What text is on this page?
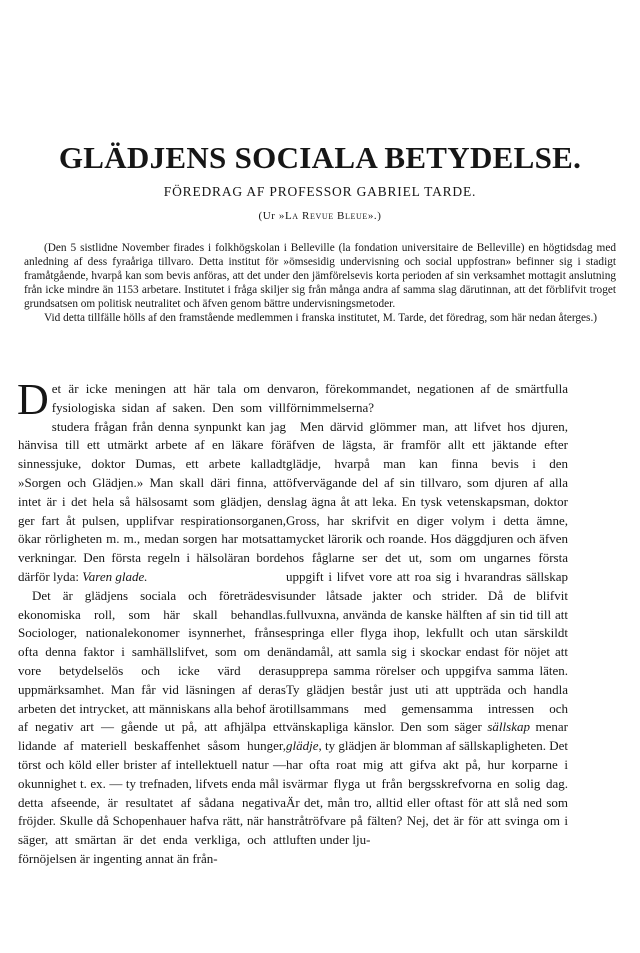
GLÄDJENS SOCIALA BETYDELSE.
FÖREDRAG AF PROFESSOR GABRIEL TARDE.
(Ur »La Revue Bleue».)

(Den 5 sistlidne November firades i folkhögskolan i Belleville (la fondation universitaire de Belleville) en högtidsdag med anledning af dess fyraåriga tillvaro. Detta institut för »ömsesidig undervisning och social uppfostran» befinner sig i stadigt framåtgående, hvarpå kan som bevis anföras, att det under den jämförelsevis korta perioden af sin verksamhet mottagit anslutning från icke mindre än 1153 arbetare. Institutet i fråga skiljer sig från många andra af samma slag därutinnan, att det förblifvit troget grundsatsen om politisk neutralitet och äfven genom bättre undervisningsmetoder.

Vid detta tillfälle hölls af den framstående medlemmen i franska institutet, M. Tarde, det föredrag, som här nedan återges.)

Det är icke meningen att här tala om den fysiologiska sidan af saken. Den som vill studera frågan från denna synpunkt kan jag hänvisa till ett utmärkt arbete af en läkare för sinnessjuke, doktor Dumas, ett arbete kalladt »Sorgen och Glädjen.» Man skall däri finna, att intet är i det hela så hälsosamt som glädjen, den ger fart åt pulsen, upplifvar respirationsorganen, ökar rörligheten m. m., medan sorgen har motsatta verkningar. Den första regeln i hälsoläran borde därför lyda: Varen glade.

Det är glädjens sociala och företrädesvis ekonomiska roll, som här skall behandlas. Sociologer, nationalekonomer isynnerhet, frånse ofta denna faktor i samhällslifvet, som om den vore betydelselös och icke värd deras uppmärksamhet. Man får vid läsningen af deras arbeten det intrycket, att människans alla behof äro af negativ art — gående ut på, att afhjälpa ett lidande af materiell beskaffenhet såsom hunger, törst och köld eller brister af intellektuell natur — okunnighet t. ex. — ty trefnaden, lifvets enda mål i detta afseende, är resultatet af sådana negativa fröjder. Skulle då Schopenhauer hafva rätt, när han säger, att smärtan är det enda verkliga, och att förnöjelsen är ingenting annat än från-

varon, förekommandet, negationen af de smärtfulla förnimmelserna?

Men därvid glömmer man, att lifvet hos djuren, äfven de lägsta, är framför allt ett jäktande efter glädje, hvarpå man kan finna bevis i den öfvervägande del af sin tillvaro, som djuren af alla slag ägna åt att leka. En tysk vetenskapsman, doktor Gross, har skrifvit en diger volym i detta ämne, mycket lärorik och roande. Hos däggdjuren och äfven hos fåglarne ser det ut, som om ungarnes första uppgift i lifvet vore att roa sig i hvarandras sällskap under låtsade jakter och strider. Då de blifvit fullvuxna, använda de kanske hälften af sin tid till att springa eller flyga ihop, lekfullt och utan särskildt ändamål, att samla sig i skockar endast för nöjet att upprepa samma rörelser och uppgifva samma läten. Ty glädjen består just uti att uppträda och handla tillsammans med gemensamma intressen och vänskapliga känslor. Den som säger sällskap menar glädje, ty glädjen är blomman af sällskapligheten. Det har ofta roat mig att gifva akt på, hur korparne i svärmar flyga ut från bergsskrefvorna en solig dag. Är det, mån tro, alltid eller oftast för att slå ned som stråtröfvare på fälten? Nej, det är för att svinga om i luften under lju-
